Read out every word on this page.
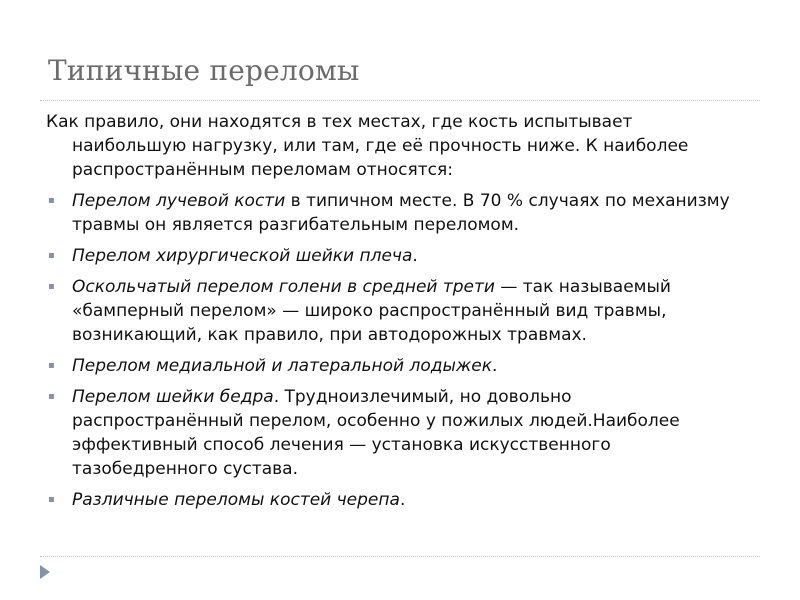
Типичные переломы

Как правило, они находятся в тех местах, где кость испытывает наибольшую нагрузку, или там, где её прочность ниже. К наиболее распространённым переломам относятся:

▪ Перелом лучевой кости в типичном месте. В 70 % случаях по механизму травмы он является разгибательным переломом.
▪ Перелом хирургической шейки плеча.
▪ Оскольчатый перелом голени в средней трети — так называемый «бамперный перелом» — широко распространённый вид травмы, возникающий, как правило, при автодорожных травмах.
▪ Перелом медиальной и латеральной лодыжек.
▪ Перелом шейки бедра. Трудноизлечимый, но довольно распространённый перелом, особенно у пожилых людей.Наиболее эффективный способ лечения — установка искусственного тазобедренного сустава.
▪ Различные переломы костей черепа.
